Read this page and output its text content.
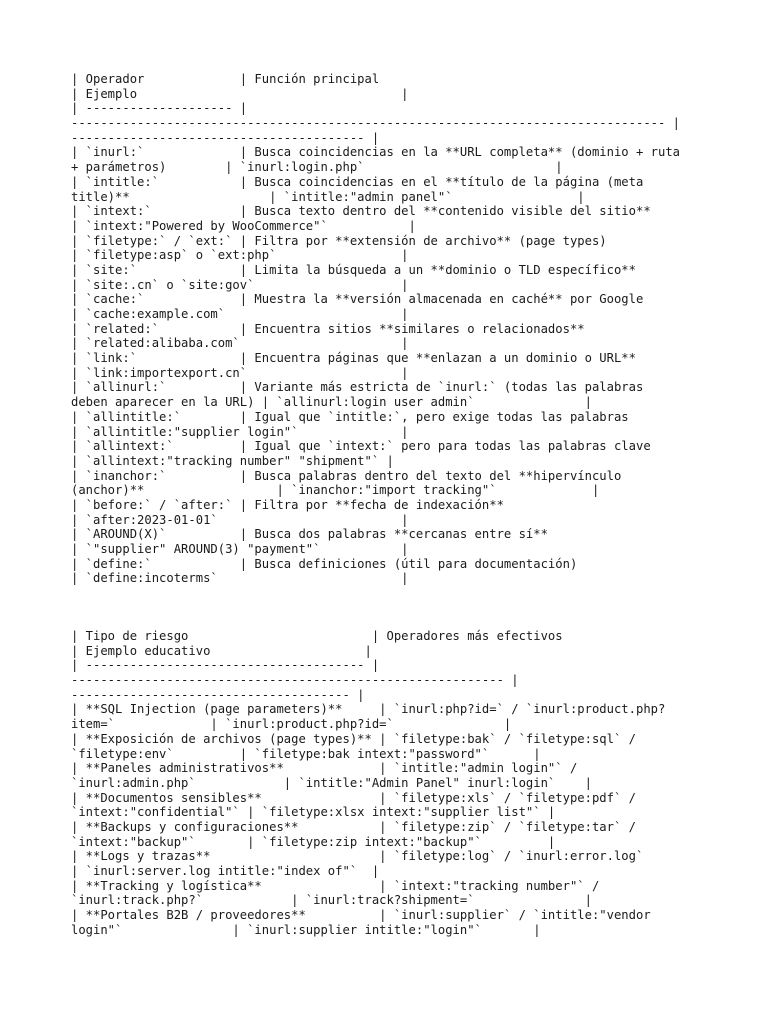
| Operador             | Función principal
| Ejemplo                                    |
| -------------------- |
--------------------------------------------------------------------------------- |
---------------------------------------- |
| `inurl:`             | Busca coincidencias en la **URL completa** (dominio + ruta
+ parámetros)        | `inurl:login.php`                          |
| `intitle:`           | Busca coincidencias en el **título de la página (meta
title)**                   | `intitle:"admin panel"`                 |
| `intext:`            | Busca texto dentro del **contenido visible del sitio**
| `intext:"Powered by WooCommerce"`           |
| `filetype:` / `ext:` | Filtra por **extensión de archivo** (page types)
| `filetype:asp` o `ext:php`                 |
| `site:`              | Limita la búsqueda a un **dominio o TLD específico**
| `site:.cn` o `site:gov`                    |
| `cache:`             | Muestra la **versión almacenada en caché** por Google
| `cache:example.com`                        |
| `related:`           | Encuentra sitios **similares o relacionados**
| `related:alibaba.com`                      |
| `link:`              | Encuentra páginas que **enlazan a un dominio o URL**
| `link:importexport.cn`                     |
| `allinurl:`          | Variante más estricta de `inurl:` (todas las palabras
deben aparecer en la URL) | `allinurl:login user admin`               |
| `allintitle:`        | Igual que `intitle:`, pero exige todas las palabras
| `allintitle:"supplier login"`              |
| `allintext:`         | Igual que `intext:` pero para todas las palabras clave
| `allintext:"tracking number" "shipment"` |
| `inanchor:`          | Busca palabras dentro del texto del **hipervínculo
(anchor)**                  | `inanchor:"import tracking"`             |
| `before:` / `after:` | Filtra por **fecha de indexación**
| `after:2023-01-01`                         |
| `AROUND(X)`          | Busca dos palabras **cercanas entre sí**
| `"supplier" AROUND(3) "payment"`           |
| `define:`            | Busca definiciones (útil para documentación)
| `define:incoterms`                         |
| Tipo de riesgo                         | Operadores más efectivos
| Ejemplo educativo                     |
| -------------------------------------- |
----------------------------------------------------------- |
-------------------------------------- |
| **SQL Injection (page parameters)**     | `inurl:php?id=` / `inurl:product.php?
item=`             | `inurl:product.php?id=`               |
| **Exposición de archivos (page types)** | `filetype:bak` / `filetype:sql` /
`filetype:env`         | `filetype:bak intext:"password"`      |
| **Paneles administrativos**             | `intitle:"admin login"` /
`inurl:admin.php`            | `intitle:"Admin Panel" inurl:login`    |
| **Documentos sensibles**                | `filetype:xls` / `filetype:pdf` /
`intext:"confidential"` | `filetype:xlsx intext:"supplier list"` |
| **Backups y configuraciones**           | `filetype:zip` / `filetype:tar` /
`intext:"backup"`       | `filetype:zip intext:"backup"`         |
| **Logs y trazas**                       | `filetype:log` / `inurl:error.log`
| `inurl:server.log intitle:"index of"`  |
| **Tracking y logística**                | `intext:"tracking number"` /
`inurl:track.php?`            | `inurl:track?shipment=`               |
| **Portales B2B / proveedores**          | `inurl:supplier` / `intitle:"vendor
login"`               | `inurl:supplier intitle:"login"`       |
